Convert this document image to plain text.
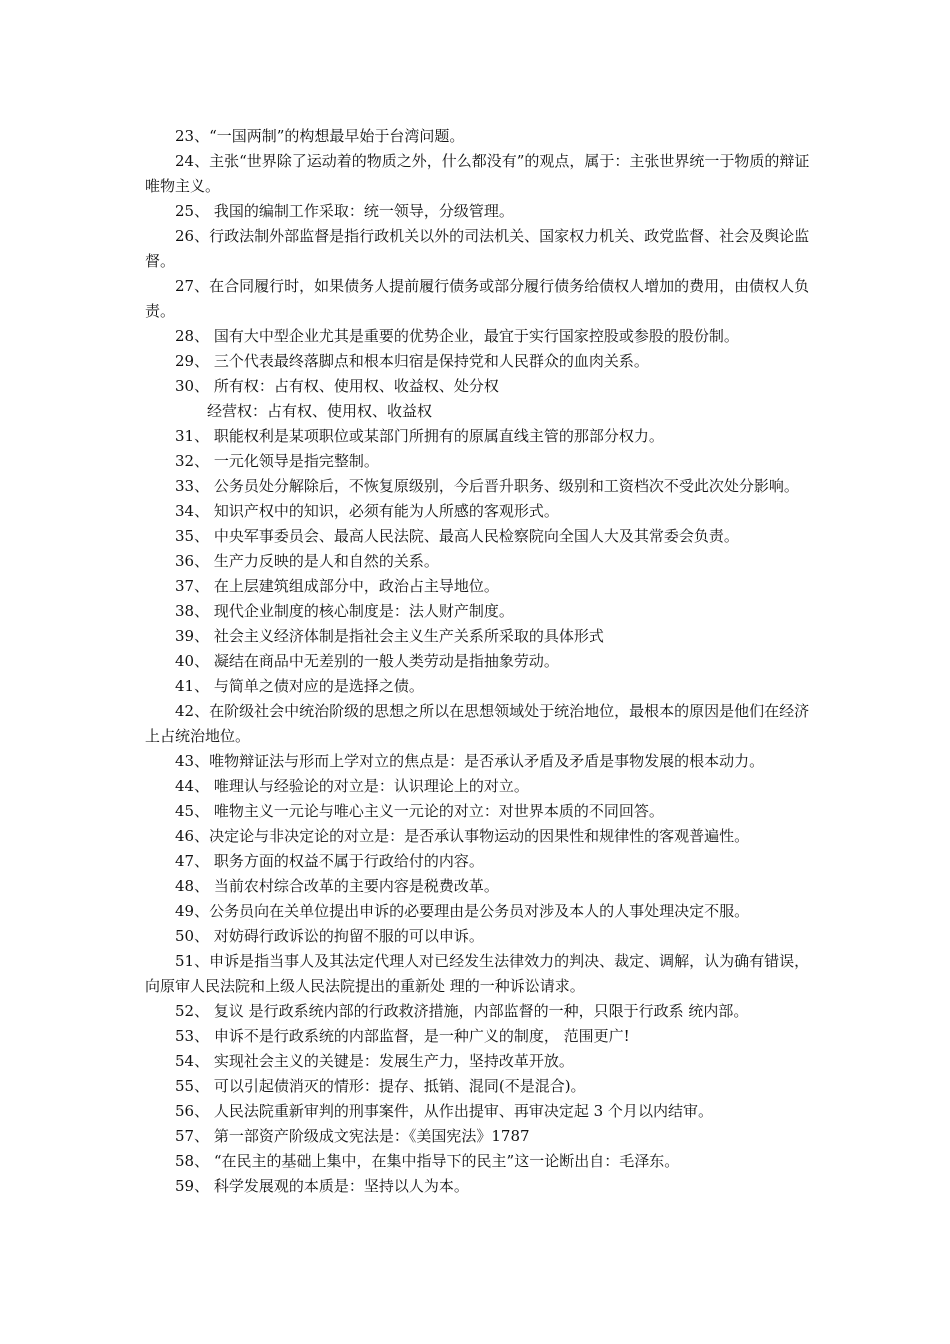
23、“一国两制”的构想最早始于台湾问题。

24、主张“世界除了运动着的物质之外，什么都没有”的观点，属于：主张世界统一于物质的辩证唯物主义。

25、 我国的编制工作采取：统一领导，分级管理。

26、行政法制外部监督是指行政机关以外的司法机关、国家权力机关、政党监督、社会及舆论监督。

27、在合同履行时，如果债务人提前履行债务或部分履行债务给债权人增加的费用，由债权人负责。

28、 国有大中型企业尤其是重要的优势企业，最宜于实行国家控股或参股的股份制。

29、 三个代表最终落脚点和根本归宿是保持党和人民群众的血肉关系。

30、 所有权：占有权、使用权、收益权、处分权

经营权：占有权、使用权、收益权

31、 职能权利是某项职位或某部门所拥有的原属直线主管的那部分权力。

32、 一元化领导是指完整制。

33、 公务员处分解除后，不恢复原级别，今后晋升职务、级别和工资档次不受此次处分影响。

34、 知识产权中的知识，必须有能为人所感的客观形式。

35、 中央军事委员会、最高人民法院、最高人民检察院向全国人大及其常委会负责。

36、 生产力反映的是人和自然的关系。

37、 在上层建筑组成部分中，政治占主导地位。

38、 现代企业制度的核心制度是：法人财产制度。

39、 社会主义经济体制是指社会主义生产关系所采取的具体形式

40、 凝结在商品中无差别的一般人类劳动是指抽象劳动。

41、 与简单之债对应的是选择之债。

42、在阶级社会中统治阶级的思想之所以在思想领域处于统治地位，最根本的原因是他们在经济上占统治地位。

43、唯物辩证法与形而上学对立的焦点是：是否承认矛盾及矛盾是事物发展的根本动力。

44、 唯理认与经验论的对立是：认识理论上的对立。

45、 唯物主义一元论与唯心主义一元论的对立：对世界本质的不同回答。

46、决定论与非决定论的对立是：是否承认事物运动的因果性和规律性的客观普遍性。

47、 职务方面的权益不属于行政给付的内容。

48、 当前农村综合改革的主要内容是税费改革。

49、公务员向在关单位提出申诉的必要理由是公务员对涉及本人的人事处理决定不服。

50、 对妨碍行政诉讼的拘留不服的可以申诉。

51、申诉是指当事人及其法定代理人对已经发生法律效力的判决、裁定、调解，认为确有错误，向原审人民法院和上级人民法院提出的重新处 理的一种诉讼请求。

52、 复议 是行政系统内部的行政救济措施，内部监督的一种，只限于行政系 统内部。

53、 申诉不是行政系统的内部监督，是一种广义的制度， 范围更广!

54、 实现社会主义的关键是：发展生产力，坚持改革开放。

55、 可以引起债消灭的情形：提存、抵销、混同(不是混合)。

56、 人民法院重新审判的刑事案件，从作出提审、再审决定起 3 个月以内结审。

57、 第一部资产阶级成文宪法是：《美国宪法》1787

58、 “在民主的基础上集中，在集中指导下的民主”这一论断出自：毛泽东。

59、 科学发展观的本质是：坚持以人为本。
